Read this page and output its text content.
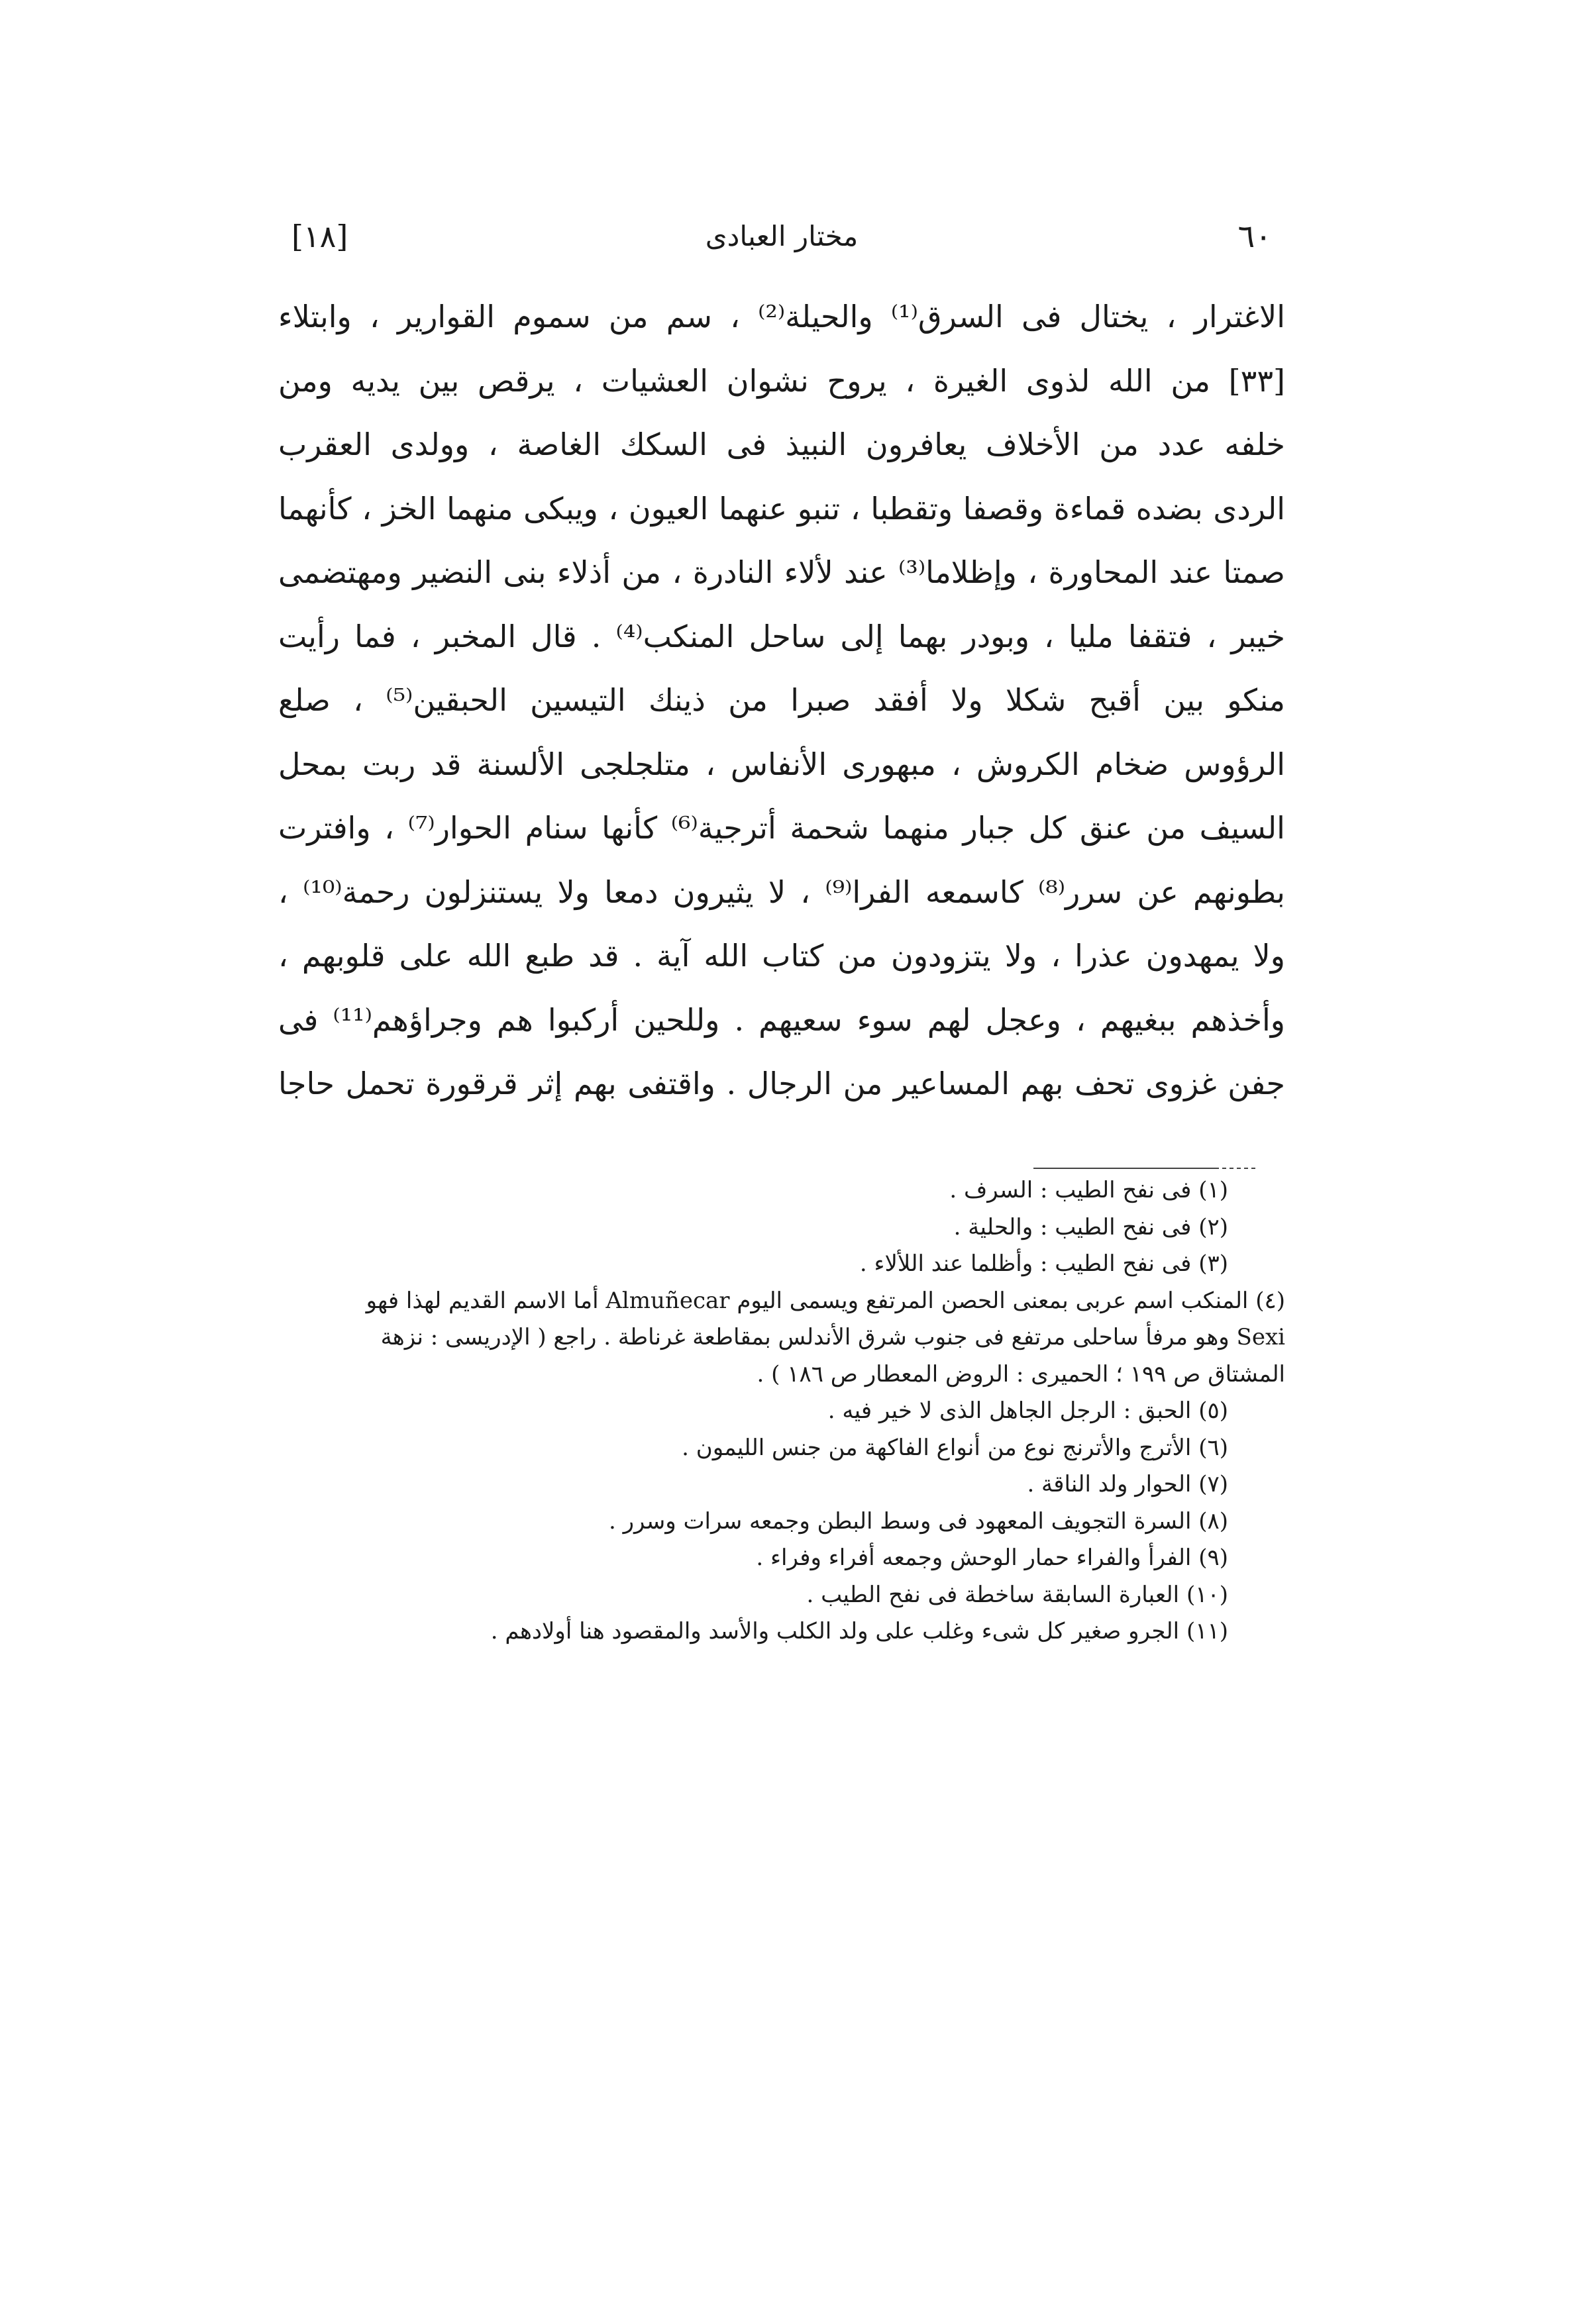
[١٨]	مختار العبادى	٦٠
الاغترار ، يختال فى السرق⁽¹⁾ والحيلة⁽²⁾ ، سم من سموم القوارير ، وابتلاء
[٣٣] من الله لذوى الغيرة ، يروح نشوان العشيات ، يرقص بين يديه ومن
خلفه عدد من الأخلاف يعافرون النبيذ فى السكك الغاصة ، وولدى العقرب
الردى بضده قماءة وقصفا وتقطبا ، تنبو عنهما العيون ، ويبكى منهما الخز ، كأنهما
صمتا عند المحاورة ، وإظلاما⁽³⁾ عند لألاء النادرة ، من أذلاء بنى النضير ومهتضمى
خيبر ، فتقفا مليا ، وبودر بهما إلى ساحل المنكب⁽⁴⁾ . قال المخبر ، فما رأيت
منكو بين أقبح شكلا ولا أفقد صبرا من ذينك التيسين الحبقين⁽⁵⁾ ، صلع
الرؤوس ضخام الكروش ، مبهورى الأنفاس ، متلجلجى الألسنة قد ربت بمحل
السيف من عنق كل جبار منهما شحمة أترجية⁽⁶⁾ كأنها سنام الحوار⁽⁷⁾ ، وافترت
بطونهم عن سرر⁽⁸⁾ كاسمعه الفرا⁽⁹⁾ ، لا يثيرون دمعا ولا يستنزلون رحمة⁽¹⁰⁾ ،
ولا يمهدون عذرا ، ولا يتزودون من كتاب الله آية . قد طبع الله على قلوبهم ،
وأخذهم ببغيهم ، وعجل لهم سوء سعيهم . وللحين أركبوا هم وجراؤهم⁽¹¹⁾ فى
جفن غزوى تحف بهم المساعير من الرجال . واقتفى بهم إثر قرقورة تحمل حاجا
(١) فى نفح الطيب : السرف .
(٢) فى نفح الطيب : والحلية .
(٣) فى نفح الطيب : وأظلما عند اللألاء .
(٤) المنكب اسم عربى بمعنى الحصن المرتفع ويسمى اليوم Almuñecar أما الاسم القديم لهذا فهو
Sexi وهو مرفأ ساحلى مرتفع فى جنوب شرق الأندلس بمقاطعة غرناطة . راجع ( الإدريسى : نزهة
المشتاق ص ١٩٩ ؛ الحميرى : الروض المعطار ص ١٨٦ ) .
(٥) الحبق : الرجل الجاهل الذى لا خير فيه .
(٦) الأترج والأترنج نوع من أنواع الفاكهة من جنس الليمون .
(٧) الحوار ولد الناقة .
(٨) السرة التجويف المعهود فى وسط البطن وجمعه سرات وسرر .
(٩) الفرأ والفراء حمار الوحش وجمعه أفراء وفراء .
(١٠) العبارة السابقة ساخطة فى نفح الطيب .
(١١) الجرو صغير كل شىء وغلب على ولد الكلب والأسد والمقصود هنا أولادهم .
